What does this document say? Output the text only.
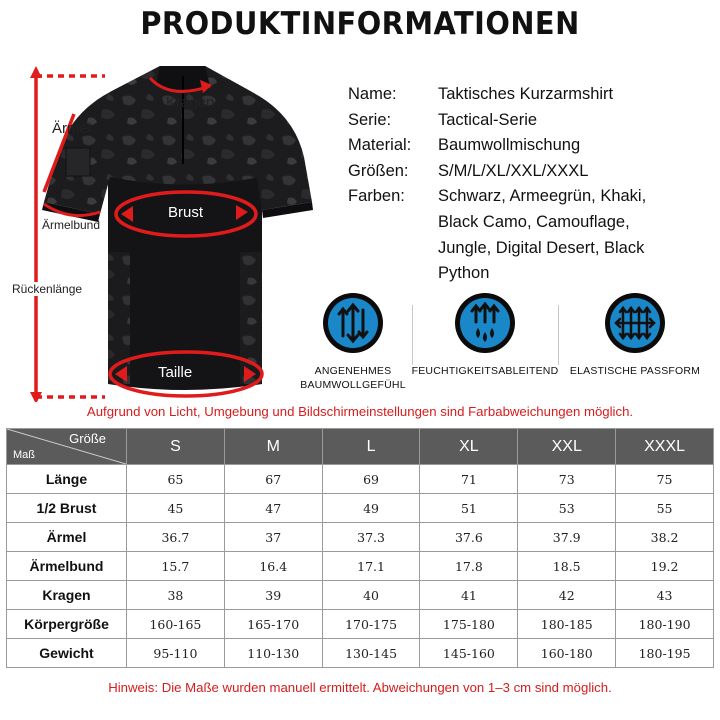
PRODUKTINFORMATIONEN
Kragen
Ärmel
Ärmelbund
Brust
Rückenlänge
Taille
Name:	Taktisches Kurzarmshirt
Serie:	Tactical-Serie
Material:	Baumwollmischung
Größen:	S/M/L/XL/XXL/XXXL
Farben:	Schwarz, Armeegrün, Khaki, Black Camo, Camouflage, Jungle, Digital Desert, Black Python
ANGENEHMES
BAUMWOLLGEFÜHL
FEUCHTIGKEITSABLEITEND	ELASTISCHE PASSFORM
Aufgrund von Licht, Umgebung und Bildschirmeinstellungen sind Farbabweichungen möglich.
Größe
Maß	S	M	L	XL	XXL	XXXL
Länge	65	67	69	71	73	75
1/2 Brust	45	47	49	51	53	55
Ärmel	36.7	37	37.3	37.6	37.9	38.2
Ärmelbund	15.7	16.4	17.1	17.8	18.5	19.2
Kragen	38	39	40	41	42	43
Körpergröße	160-165	165-170	170-175	175-180	180-185	180-190
Gewicht	95-110	110-130	130-145	145-160	160-180	180-195
Hinweis: Die Maße wurden manuell ermittelt. Abweichungen von 1–3 cm sind möglich.
